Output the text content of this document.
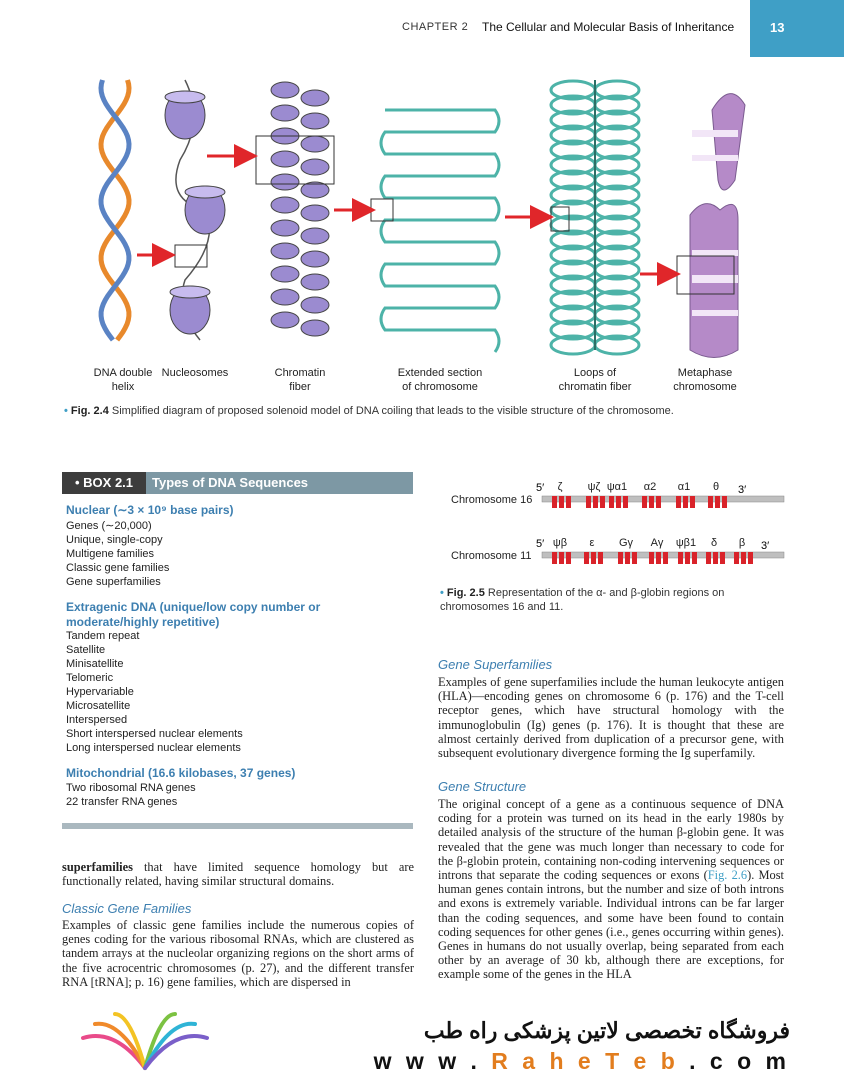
CHAPTER 2 The Cellular and Molecular Basis of Inheritance	13
DNA double
helix
Nucleosomes	Chromatin
fiber
Extended section
of chromosome
Loops of
chromatin fiber
Metaphase
chromosome
• Fig. 2.4 Simplified diagram of proposed solenoid model of DNA coiling that leads to the visible structure of the chromosome.
• BOX 2.1	Types of DNA Sequences
Nuclear (∼3 × 10⁹ base pairs)
Genes (∼20,000)
Unique, single-copy
Multigene families
Classic gene families
Gene superfamilies
Extragenic DNA (unique/low copy number or moderate/highly repetitive)
Tandem repeat
Satellite
Minisatellite
Telomeric
Hypervariable
Microsatellite
Interspersed
Short interspersed nuclear elements
Long interspersed nuclear elements
Mitochondrial (16.6 kilobases, 37 genes)
Two ribosomal RNA genes
22 transfer RNA genes
Chromosome 16
Chromosome 11
5′	3′
5′	3′
ζ ψζ ψα1 α2 α1 θ
ψβ ε Gγ Aγ ψβ1 δ β
• Fig. 2.5 Representation of the α- and β-globin regions on chromosomes 16 and 11.

superfamilies that have limited sequence homology but are functionally related, having similar structural domains.

Classic Gene Families

Examples of classic gene families include the numerous copies of genes coding for the various ribosomal RNAs, which are clustered as tandem arrays at the nucleolar organizing regions on the short arms of the five acrocentric chromosomes (p. 27), and the different transfer RNA [tRNA]; p. 16) gene families, which are dispersed in

Gene Superfamilies

Examples of gene superfamilies include the human leukocyte antigen (HLA)—encoding genes on chromosome 6 (p. 176) and the T-cell receptor genes, which have structural homology with the immunoglobulin (Ig) genes (p. 176). It is thought that these are almost certainly derived from duplication of a precursor gene, with subsequent evolutionary divergence forming the Ig superfamily.

Gene Structure

The original concept of a gene as a continuous sequence of DNA coding for a protein was turned on its head in the early 1980s by detailed analysis of the structure of the human β-globin gene. It was revealed that the gene was much longer than necessary to code for the β-globin protein, containing non-coding intervening sequences or introns that separate the coding sequences or exons (Fig. 2.6). Most human genes contain introns, but the number and size of both introns and exons is extremely variable. Individual introns can be far larger than the coding sequences, and some have been found to contain coding sequences for other genes (i.e., genes occurring within genes). Genes in humans do not usually overlap, being separated from each other by an average of 30 kb, although there are exceptions, for example some of the genes in the HLA

فروشگاه تخصصی لاتین پزشکی راه طب
w w w . R a h e T e b . c o m
